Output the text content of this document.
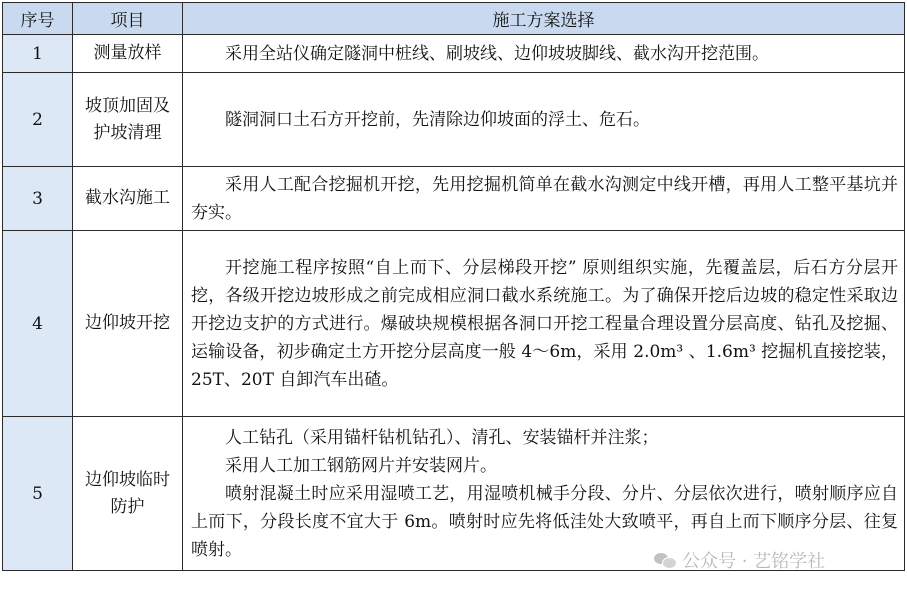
序号	项目	施工方案选择
1	测量放样	采用全站仪确定隧洞中桩线、刷坡线、边仰坡坡脚线、截水沟开挖范围。

2	坡顶加固及护坡清理	隧洞洞口土石方开挖前，先清除边仰坡面的浮土、危石。

3	截水沟施工	采用人工配合挖掘机开挖，先用挖掘机简单在截水沟测定中线开槽，再用人工整平基坑并夯实。

4	边仰坡开挖	开挖施工程序按照“自上而下、分层梯段开挖” 原则组织实施，先覆盖层，后石方分层开挖，各级开挖边坡形成之前完成相应洞口截水系统施工。为了确保开挖后边坡的稳定性采取边开挖边支护的方式进行。爆破块规模根据各洞口开挖工程量合理设置分层高度、钻孔及挖掘、运输设备，初步确定土方开挖分层高度一般 4～6m，采用 2.0m³ 、1.6m³ 挖掘机直接挖装，25T、20T 自卸汽车出碴。

5	边仰坡临时防护	人工钻孔（采用锚杆钻机钻孔）、清孔、安装锚杆并注浆；
采用人工加工钢筋网片并安装网片。
喷射混凝土时应采用湿喷工艺，用湿喷机械手分段、分片、分层依次进行，喷射顺序应自上而下，分段长度不宜大于 6m。喷射时应先将低洼处大致喷平，再自上而下顺序分层、往复喷射。
公众号 · 艺铭学社
